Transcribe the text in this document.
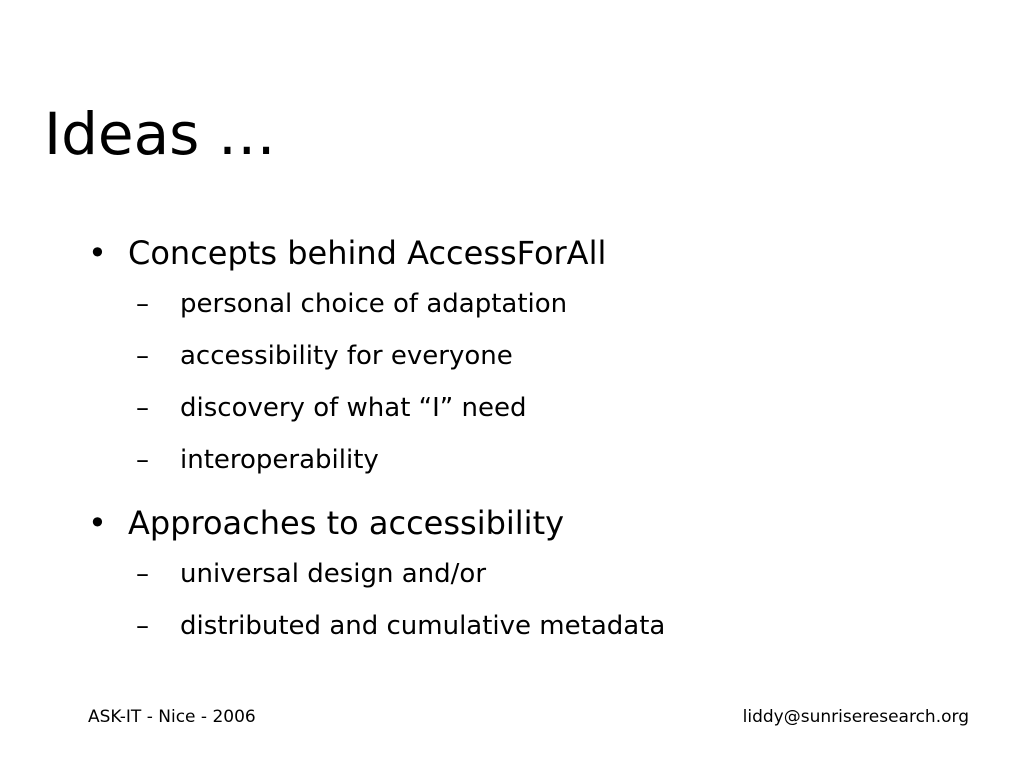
Ideas …
• Concepts behind AccessForAll
– personal choice of adaptation
– accessibility for everyone
– discovery of what “I” need
– interoperability
• Approaches to accessibility
– universal design and/or
– distributed and cumulative metadata
ASK-IT - Nice - 2006	liddy@sunriseresearch.org
